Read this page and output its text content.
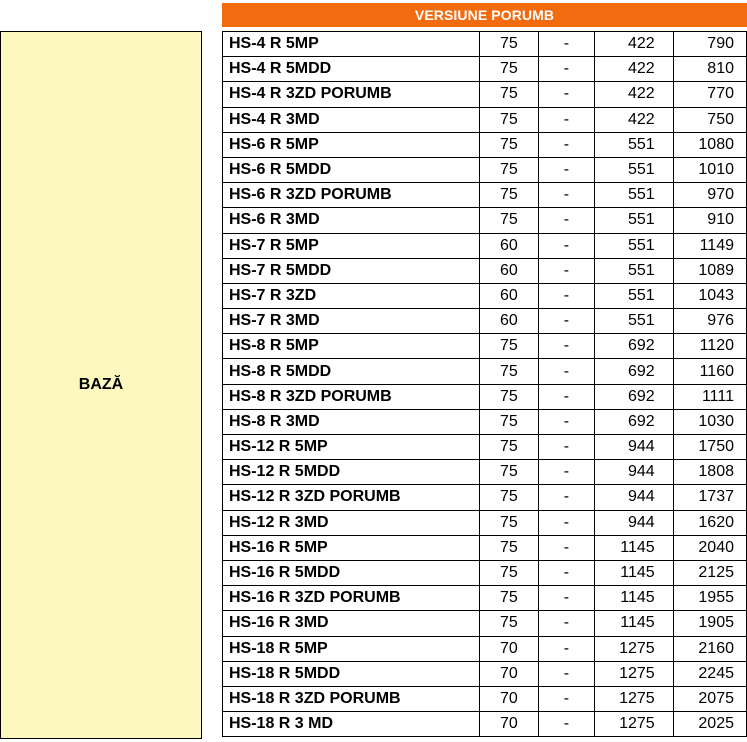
VERSIUNE PORUMB
BAZĂ
HS-4 R 5MP	75	-	422	790
HS-4 R 5MDD	75	-	422	810
HS-4 R 3ZD PORUMB	75	-	422	770
HS-4 R 3MD	75	-	422	750
HS-6 R 5MP	75	-	551	1080
HS-6 R 5MDD	75	-	551	1010
HS-6 R 3ZD PORUMB	75	-	551	970
HS-6 R 3MD	75	-	551	910
HS-7 R 5MP	60	-	551	1149
HS-7 R 5MDD	60	-	551	1089
HS-7 R 3ZD	60	-	551	1043
HS-7 R 3MD	60	-	551	976
HS-8 R 5MP	75	-	692	1120
HS-8 R 5MDD	75	-	692	1160
HS-8 R 3ZD PORUMB	75	-	692	1111
HS-8 R 3MD	75	-	692	1030
HS-12 R 5MP	75	-	944	1750
HS-12 R 5MDD	75	-	944	1808
HS-12 R 3ZD PORUMB	75	-	944	1737
HS-12 R 3MD	75	-	944	1620
HS-16 R 5MP	75	-	1145	2040
HS-16 R 5MDD	75	-	1145	2125
HS-16 R 3ZD PORUMB	75	-	1145	1955
HS-16 R 3MD	75	-	1145	1905
HS-18 R 5MP	70	-	1275	2160
HS-18 R 5MDD	70	-	1275	2245
HS-18 R 3ZD PORUMB	70	-	1275	2075
HS-18 R 3 MD	70	-	1275	2025
